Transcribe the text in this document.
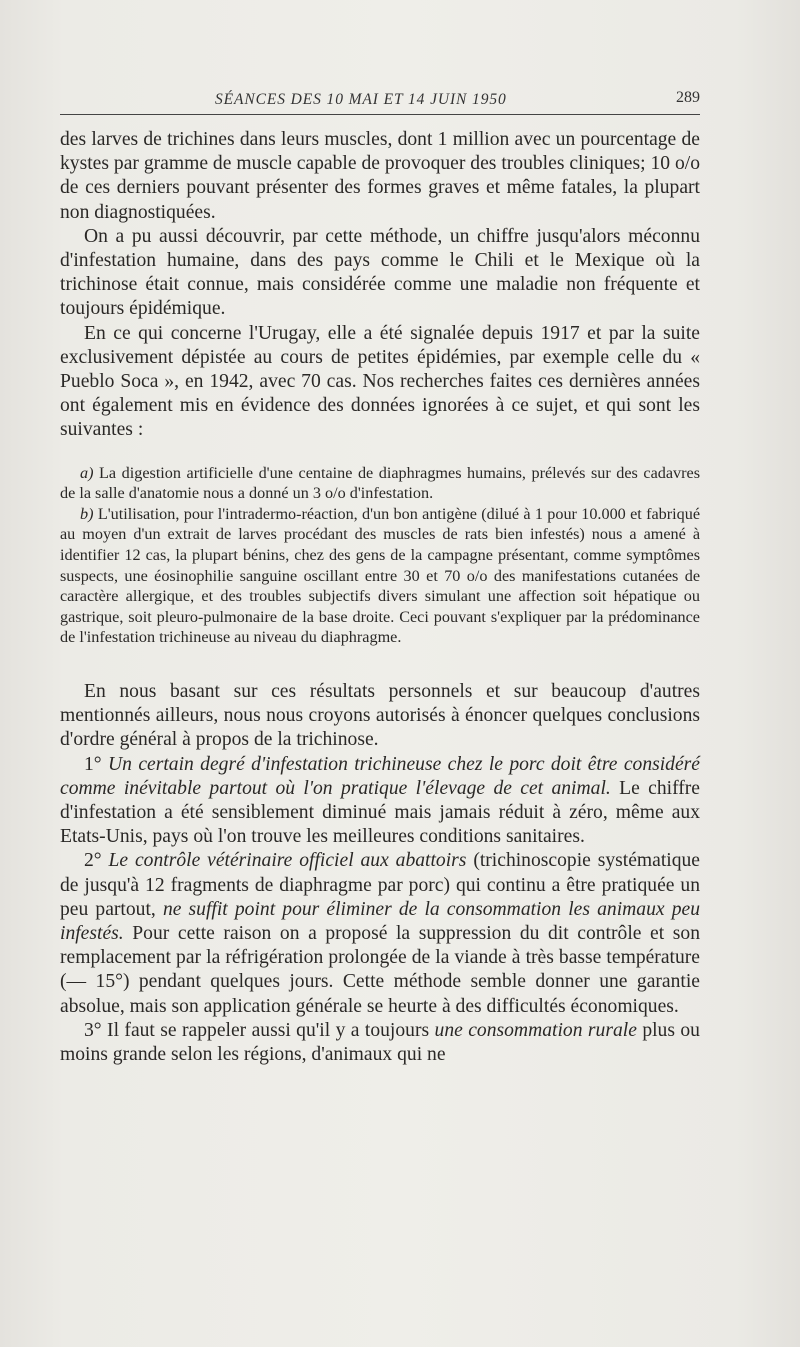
SÉANCES DES 10 MAI ET 14 JUIN 1950	289

des larves de trichines dans leurs muscles, dont 1 million avec un pourcentage de kystes par gramme de muscle capable de provoquer des troubles cliniques; 10 o/o de ces derniers pouvant présenter des formes graves et même fatales, la plupart non diagnostiquées.

On a pu aussi découvrir, par cette méthode, un chiffre jusqu'alors méconnu d'infestation humaine, dans des pays comme le Chili et le Mexique où la trichinose était connue, mais considérée comme une maladie non fréquente et toujours épidémique.

En ce qui concerne l'Urugay, elle a été signalée depuis 1917 et par la suite exclusivement dépistée au cours de petites épidémies, par exemple celle du « Pueblo Soca », en 1942, avec 70 cas. Nos recherches faites ces dernières années ont également mis en évidence des données ignorées à ce sujet, et qui sont les suivantes :

a) La digestion artificielle d'une centaine de diaphragmes humains, prélevés sur des cadavres de la salle d'anatomie nous a donné un 3 o/o d'infestation.

b) L'utilisation, pour l'intradermo-réaction, d'un bon antigène (dilué à 1 pour 10.000 et fabriqué au moyen d'un extrait de larves procédant des muscles de rats bien infestés) nous a amené à identifier 12 cas, la plupart bénins, chez des gens de la campagne présentant, comme symptômes suspects, une éosinophilie sanguine oscillant entre 30 et 70 o/o des manifestations cutanées de caractère allergique, et des troubles subjectifs divers simulant une affection soit hépatique ou gastrique, soit pleuro-pulmonaire de la base droite. Ceci pouvant s'expliquer par la prédominance de l'infestation trichineuse au niveau du diaphragme.

En nous basant sur ces résultats personnels et sur beaucoup d'autres mentionnés ailleurs, nous nous croyons autorisés à énoncer quelques conclusions d'ordre général à propos de la trichinose.

1° Un certain degré d'infestation trichineuse chez le porc doit être considéré comme inévitable partout où l'on pratique l'élevage de cet animal. Le chiffre d'infestation a été sensiblement diminué mais jamais réduit à zéro, même aux Etats-Unis, pays où l'on trouve les meilleures conditions sanitaires.

2° Le contrôle vétérinaire officiel aux abattoirs (trichinoscopie systématique de jusqu'à 12 fragments de diaphragme par porc) qui continu a être pratiquée un peu partout, ne suffit point pour éliminer de la consommation les animaux peu infestés. Pour cette raison on a proposé la suppression du dit contrôle et son remplacement par la réfrigération prolongée de la viande à très basse température (— 15°) pendant quelques jours. Cette méthode semble donner une garantie absolue, mais son application générale se heurte à des difficultés économiques.

3° Il faut se rappeler aussi qu'il y a toujours une consommation rurale plus ou moins grande selon les régions, d'animaux qui ne
